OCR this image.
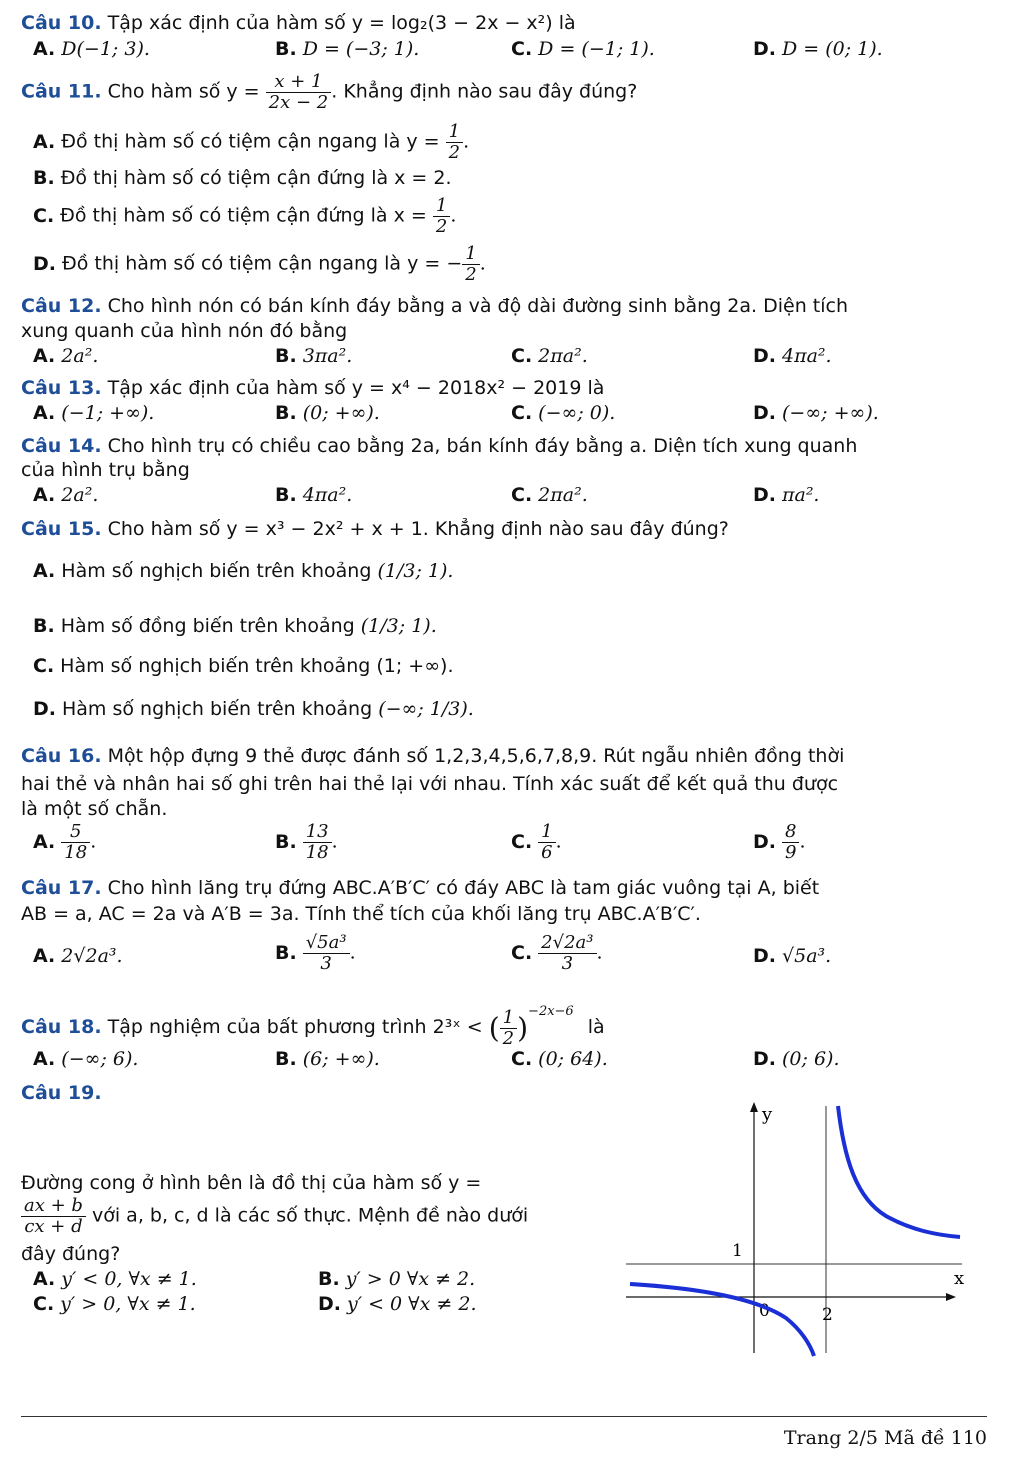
Câu 10. Tập xác định của hàm số y = log₂(3 − 2x − x²) là
A. D(−1; 3).	B. D = (−3; 1).	C. D = (−1; 1).	D. D = (0; 1).
Câu 11. Cho hàm số $y = \frac{x + 1}{2x - 2}$ . Khẳng định nào sau đây đúng?
A. Đồ thị hàm số có tiệm cận ngang là $y = \frac{1}{2}$ .
B. Đồ thị hàm số có tiệm cận đứng là x = 2.
C. Đồ thị hàm số có tiệm cận đứng là $x = \frac{1}{2}$ .
D. Đồ thị hàm số có tiệm cận ngang là y = − $\frac{1}{2}$ .
Câu 12. Cho hình nón có bán kính đáy bằng a và độ dài đường sinh bằng 2a. Diện tích
xung quanh của hình nón đó bằng
A. 2a².	B. 3πa².	C. 2πa².	D. 4πa².
Câu 13. Tập xác định của hàm số y = x⁴ − 2018x² − 2019 là
A. (−1; +∞).	B. (0; +∞).	C. (−∞; 0).	D. (−∞; +∞).
Câu 14. Cho hình trụ có chiều cao bằng 2a, bán kính đáy bằng a. Diện tích xung quanh
của hình trụ bằng
A. 2a².	B. 4πa².	C. 2πa².	D. πa².
Câu 15. Cho hàm số y = x³ − 2x² + x + 1. Khẳng định nào sau đây đúng?
A. Hàm số nghịch biến trên khoảng (1/3; 1).
B. Hàm số đồng biến trên khoảng (1/3; 1).
C. Hàm số nghịch biến trên khoảng (1; +∞).
D. Hàm số nghịch biến trên khoảng (−∞; 1/3).
Câu 16. Một hộp đựng 9 thẻ được đánh số 1,2,3,4,5,6,7,8,9. Rút ngẫu nhiên đồng thời
hai thẻ và nhân hai số ghi trên hai thẻ lại với nhau. Tính xác suất để kết quả thu được
là một số chẵn.
A. $\frac{5}{18}$ .	B. $\frac{13}{18}$ .	C. $\frac{1}{6}$ .	D. $\frac{8}{9}$ .
Câu 17. Cho hình lăng trụ đứng ABC.A′B′C′ có đáy ABC là tam giác vuông tại A, biết
AB = a, AC = 2a và A′B = 3a. Tính thể tích của khối lăng trụ ABC.A′B′C′.
A. 2√2a³.	B. $\frac{\text{√5a³}}{3}$ .	C. $\frac{\text{2√2a³}}{3}$ .	D. √5a³.
Câu 18. Tập nghiệm của bất phương trình 2³ˣ < ( $\frac{1}{2} )^{-2x-6}$ là
A. (−∞; 6).	B. (6; +∞).	C. (0; 64).	D. (0; 6).
Câu 19.
Đường cong ở hình bên là đồ thị của hàm số y =
$\frac{ax + b}{cx + d}$ với a, b, c, d là các số thực. Mệnh đề nào dưới
đây đúng?
A. y′ < 0, ∀x ≠ 1.	B. y′ > 0 ∀x ≠ 2.
C. y′ > 0, ∀x ≠ 1.	D. y′ < 0 ∀x ≠ 2.
y
x
0	2
1
Trang 2/5 Mã đề 110
